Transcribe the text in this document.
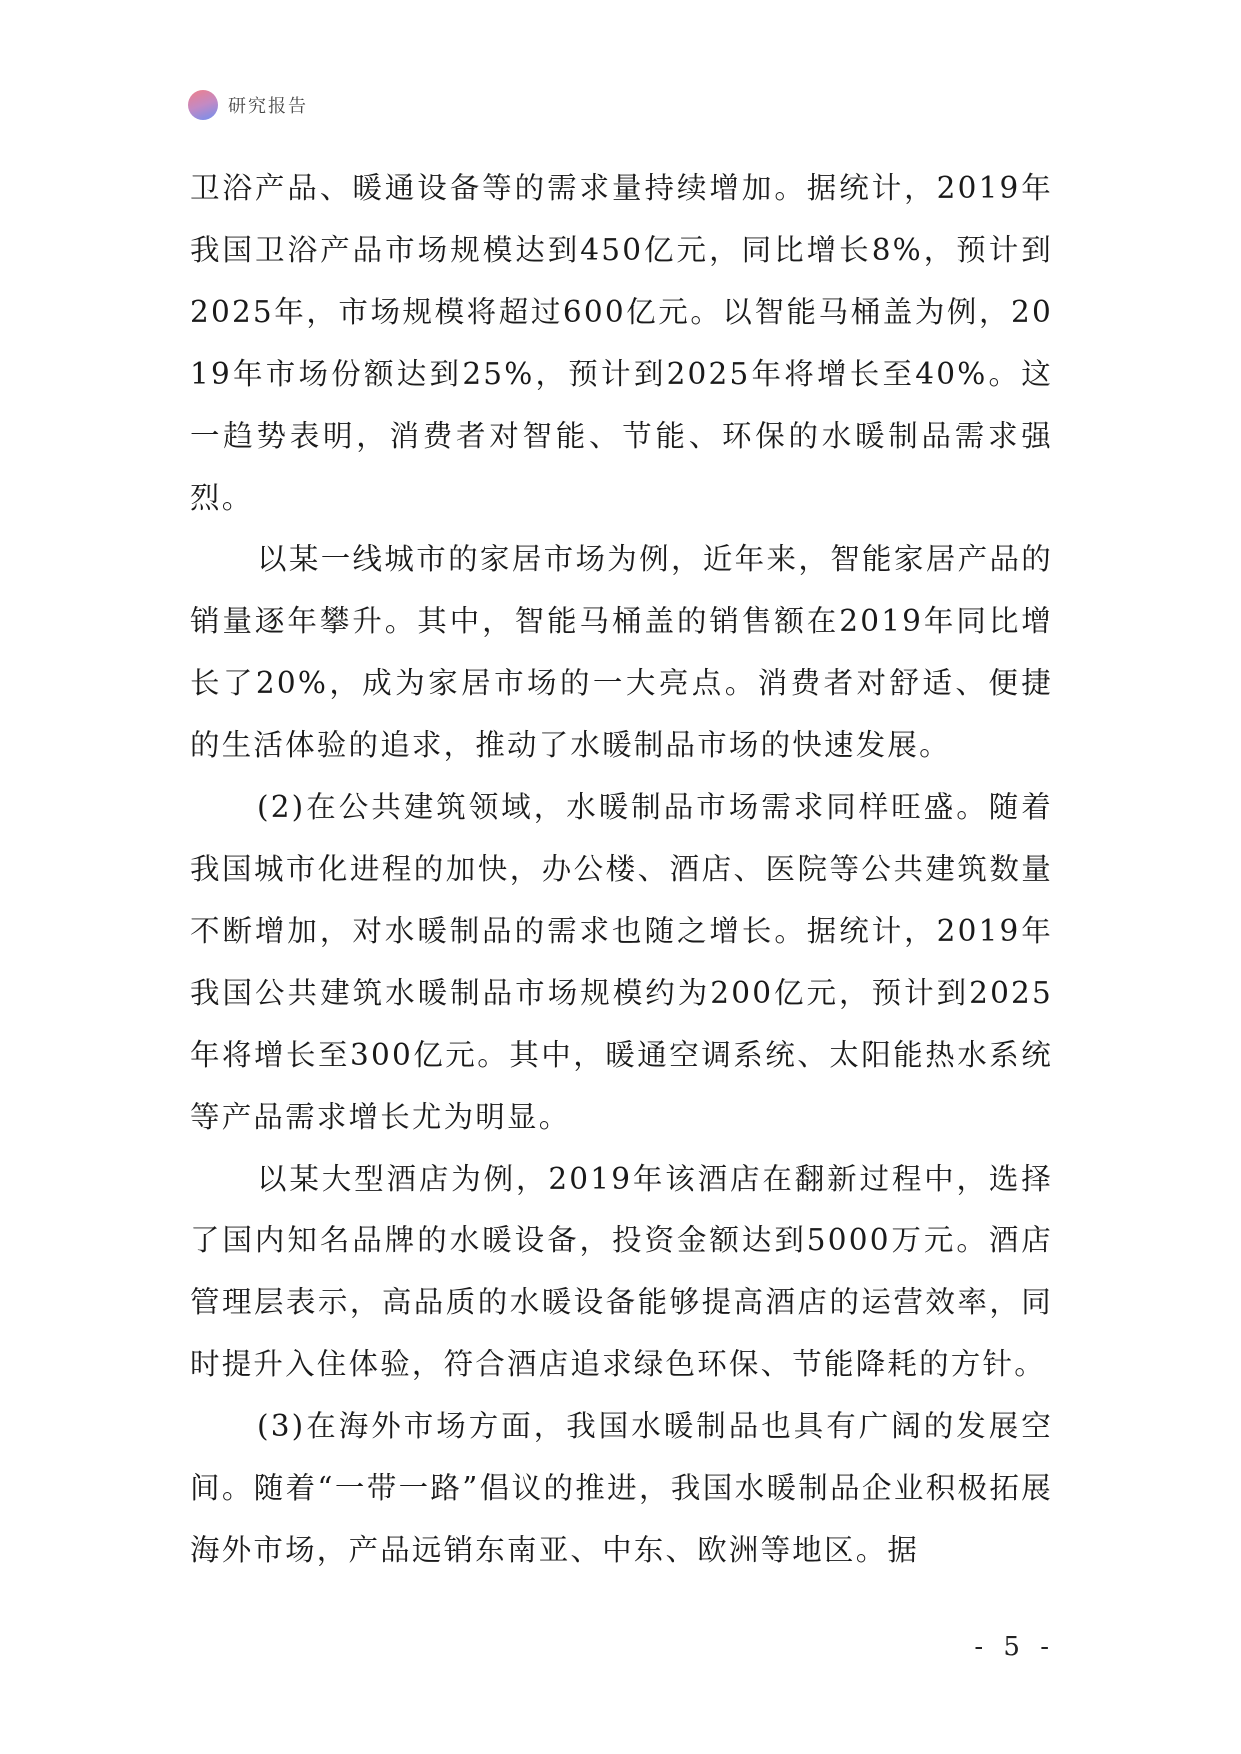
研究报告

卫浴产品、暖通设备等的需求量持续增加。据统计，2019年我国卫浴产品市场规模达到450亿元，同比增长8%，预计到2025年，市场规模将超过600亿元。以智能马桶盖为例，2019年市场份额达到25%，预计到2025年将增长至40%。这一趋势表明，消费者对智能、节能、环保的水暖制品需求强烈。

以某一线城市的家居市场为例，近年来，智能家居产品的销量逐年攀升。其中，智能马桶盖的销售额在2019年同比增长了20%，成为家居市场的一大亮点。消费者对舒适、便捷的生活体验的追求，推动了水暖制品市场的快速发展。

(2)在公共建筑领域，水暖制品市场需求同样旺盛。随着我国城市化进程的加快，办公楼、酒店、医院等公共建筑数量不断增加，对水暖制品的需求也随之增长。据统计，2019年我国公共建筑水暖制品市场规模约为200亿元，预计到2025年将增长至300亿元。其中，暖通空调系统、太阳能热水系统等产品需求增长尤为明显。

以某大型酒店为例，2019年该酒店在翻新过程中，选择了国内知名品牌的水暖设备，投资金额达到5000万元。酒店管理层表示，高品质的水暖设备能够提高酒店的运营效率，同时提升入住体验，符合酒店追求绿色环保、节能降耗的方针。

(3)在海外市场方面，我国水暖制品也具有广阔的发展空间。随着“一带一路”倡议的推进，我国水暖制品企业积极拓展海外市场，产品远销东南亚、中东、欧洲等地区。据

- 5 -
